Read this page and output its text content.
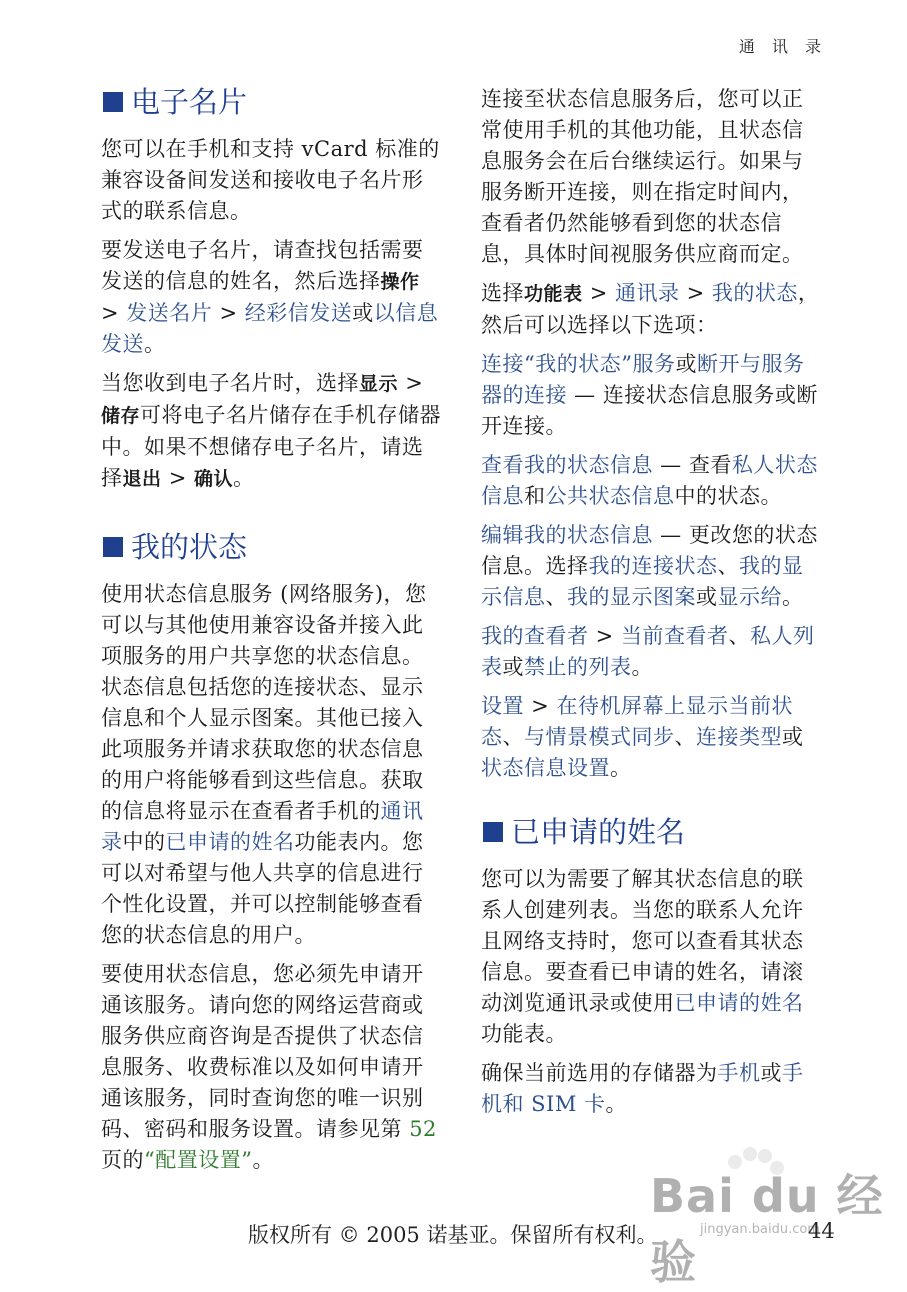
通 讯 录
电子名片

您可以在手机和支持 vCard 标准的兼容设备间发送和接收电子名片形式的联系信息。

要发送电子名片，请查找包括需要发送的信息的姓名，然后选择操作 > 发送名片 > 经彩信发送或以信息发送。

当您收到电子名片时，选择显示 > 储存可将电子名片储存在手机存储器中。如果不想储存电子名片，请选择退出 > 确认。

我的状态

使用状态信息服务 (网络服务)，您可以与其他使用兼容设备并接入此项服务的用户共享您的状态信息。状态信息包括您的连接状态、显示信息和个人显示图案。其他已接入此项服务并请求获取您的状态信息的用户将能够看到这些信息。获取的信息将显示在查看者手机的通讯录中的已申请的姓名功能表内。您可以对希望与他人共享的信息进行个性化设置，并可以控制能够查看您的状态信息的用户。

要使用状态信息，您必须先申请开通该服务。请向您的网络运营商或服务供应商咨询是否提供了状态信息服务、收费标准以及如何申请开通该服务，同时查询您的唯一识别码、密码和服务设置。请参见第 52 页的“配置设置”。

连接至状态信息服务后，您可以正常使用手机的其他功能，且状态信息服务会在后台继续运行。如果与服务断开连接，则在指定时间内，查看者仍然能够看到您的状态信息，具体时间视服务供应商而定。

选择功能表 > 通讯录 > 我的状态，然后可以选择以下选项：

连接“我的状态”服务或断开与服务器的连接 — 连接状态信息服务或断开连接。

查看我的状态信息 — 查看私人状态信息和公共状态信息中的状态。

编辑我的状态信息 — 更改您的状态信息。选择我的连接状态、我的显示信息、我的显示图案或显示给。

我的查看者 > 当前查看者、私人列表或禁止的列表。

设置 > 在待机屏幕上显示当前状态、与情景模式同步、连接类型或状态信息设置。

已申请的姓名

您可以为需要了解其状态信息的联系人创建列表。当您的联系人允许且网络支持时，您可以查看其状态信息。要查看已申请的姓名，请滚动浏览通讯录或使用已申请的姓名功能表。

确保当前选用的存储器为手机或手机和 SIM 卡。

Bai du 经验
jingyan.baidu.com
版权所有 © 2005 诺基亚。保留所有权利。	44
